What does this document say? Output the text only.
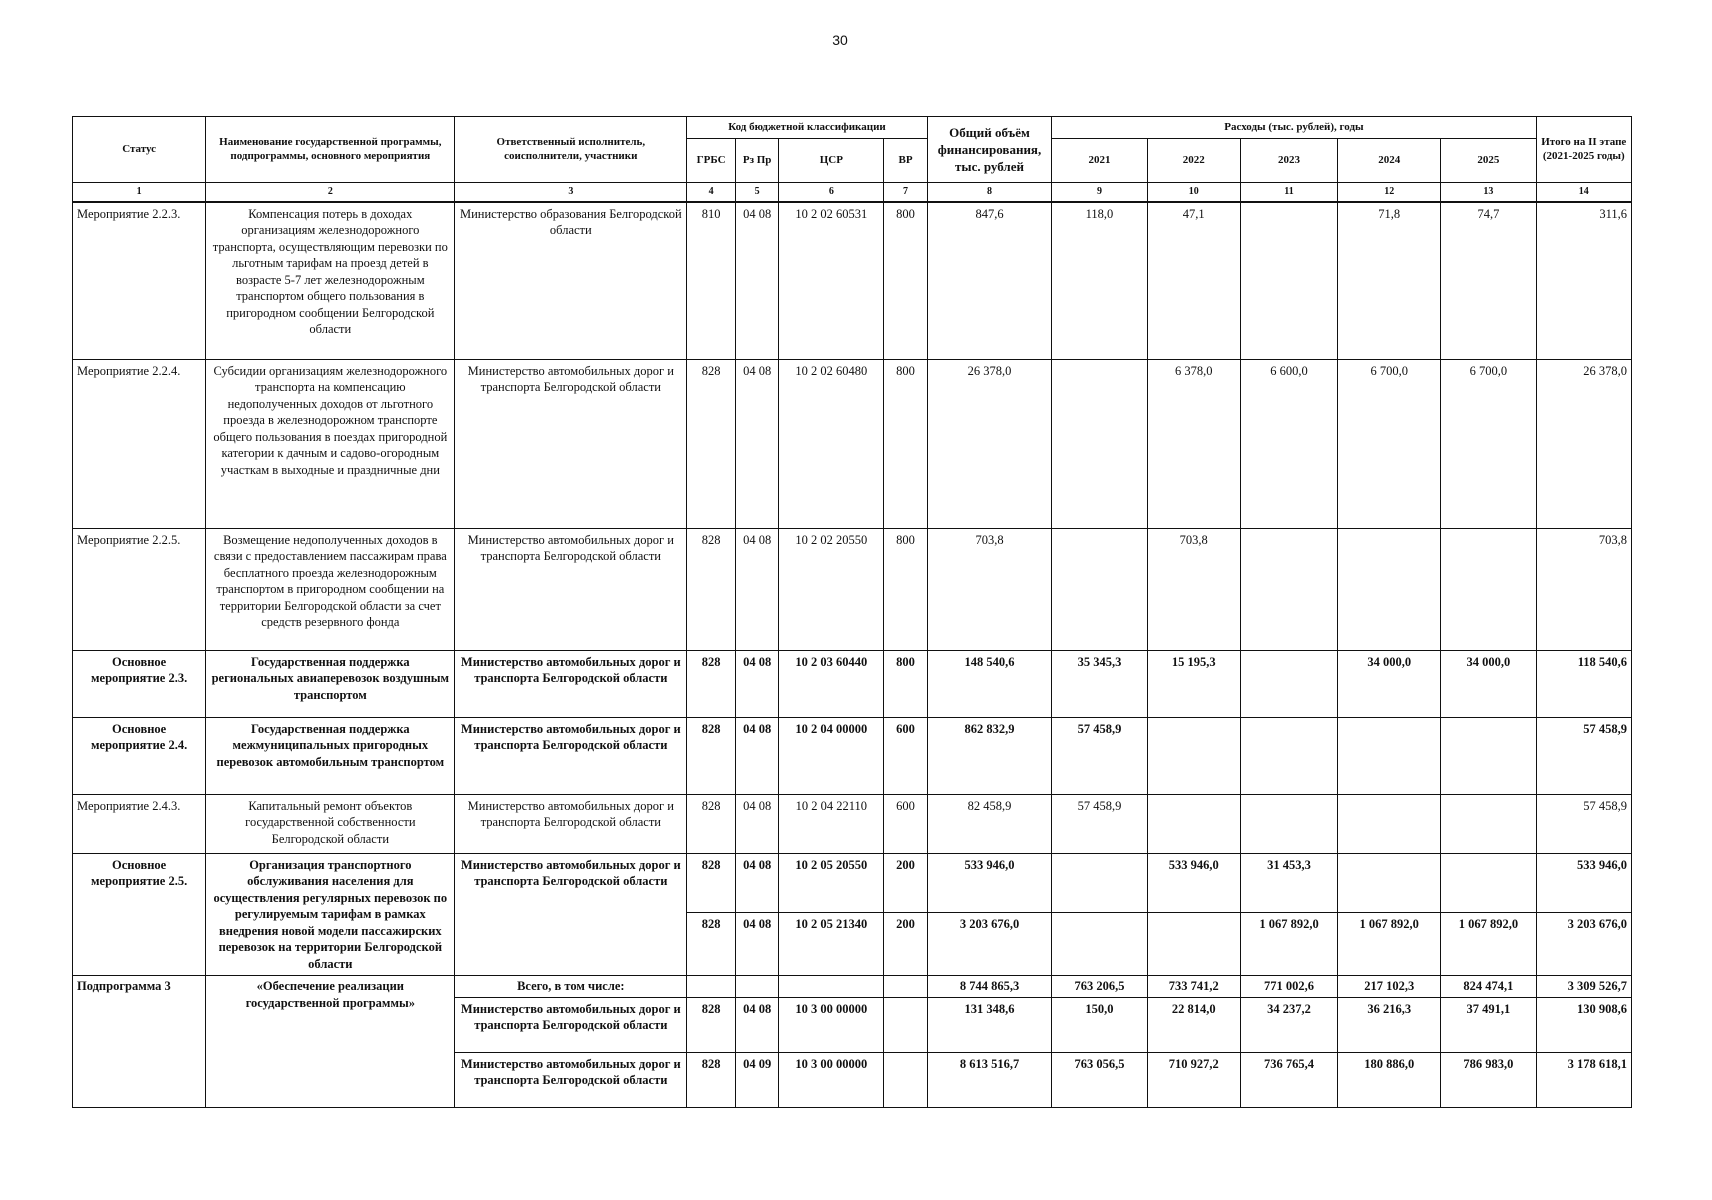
30
Статус	Наименование государственной программы, подпрограммы, основного мероприятия	Ответственный исполнитель, соисполнители, участники	Код бюджетной классификации				Общий объём финансирования, тыс. рублей	Расходы (тыс. рублей), годы					Итого на II этапе (2021-2025 годы)
			ГРБС	Рз Пр	ЦСР	ВР		2021	2022	2023	2024	2025	
1	2	3	4	5	6	7	8	9	10	11	12	13	14
Мероприятие 2.2.3.	Компенсация потерь в доходах организациям железнодорожного транспорта, осуществляющим перевозки по льготным тарифам на проезд детей в возрасте 5-7 лет железнодорожным транспортом общего пользования в пригородном сообщении Белгородской области	Министерство образования Белгородской области	810	04 08	10 2 02 60531	800	847,6	118,0	47,1		71,8	74,7	311,6
Мероприятие 2.2.4.	Субсидии организациям железнодорожного транспорта на компенсацию недополученных доходов от льготного проезда в железнодорожном транспорте общего пользования в поездах пригородной категории к дачным и садово-огородным участкам в выходные и праздничные дни	Министерство автомобильных дорог и транспорта Белгородской области	828	04 08	10 2 02 60480	800	26 378,0		6 378,0	6 600,0	6 700,0	6 700,0	26 378,0
Мероприятие 2.2.5.	Возмещение недополученных доходов в связи с предоставлением пассажирам права бесплатного проезда железнодорожным транспортом в пригородном сообщении на территории Белгородской области за счет средств резервного фонда	Министерство автомобильных дорог и транспорта Белгородской области	828	04 08	10 2 02 20550	800	703,8		703,8				703,8
Основное мероприятие 2.3.	Государственная поддержка региональных авиаперевозок воздушным транспортом	Министерство автомобильных дорог и транспорта Белгородской области	828	04 08	10 2 03 60440	800	148 540,6	35 345,3	15 195,3		34 000,0	34 000,0	118 540,6
Основное мероприятие 2.4.	Государственная поддержка межмуниципальных пригородных перевозок автомобильным транспортом	Министерство автомобильных дорог и транспорта Белгородской области	828	04 08	10 2 04 00000	600	862 832,9	57 458,9					57 458,9
Мероприятие 2.4.3.	Капитальный ремонт объектов государственной собственности Белгородской области	Министерство автомобильных дорог и транспорта Белгородской области	828	04 08	10 2 04 22110	600	82 458,9	57 458,9					57 458,9
Основное мероприятие 2.5.	Организация транспортного обслуживания населения для осуществления регулярных перевозок по регулируемым тарифам в рамках внедрения новой модели пассажирских перевозок на территории Белгородской области	Министерство автомобильных дорог и транспорта Белгородской области	828	04 08	10 2 05 20550	200	533 946,0		533 946,0	31 453,3			533 946,0
			828	04 08	10 2 05 21340	200	3 203 676,0			1 067 892,0	1 067 892,0	1 067 892,0	3 203 676,0
Подпрограмма 3	«Обеспечение реализации государственной программы»	Всего, в том числе:					8 744 865,3	763 206,5	733 741,2	771 002,6	217 102,3	824 474,1	3 309 526,7
		Министерство автомобильных дорог и транспорта Белгородской области	828	04 08	10 3 00 00000		131 348,6	150,0	22 814,0	34 237,2	36 216,3	37 491,1	130 908,6
		Министерство автомобильных дорог и транспорта Белгородской области	828	04 09	10 3 00 00000		8 613 516,7	763 056,5	710 927,2	736 765,4	180 886,0	786 983,0	3 178 618,1
